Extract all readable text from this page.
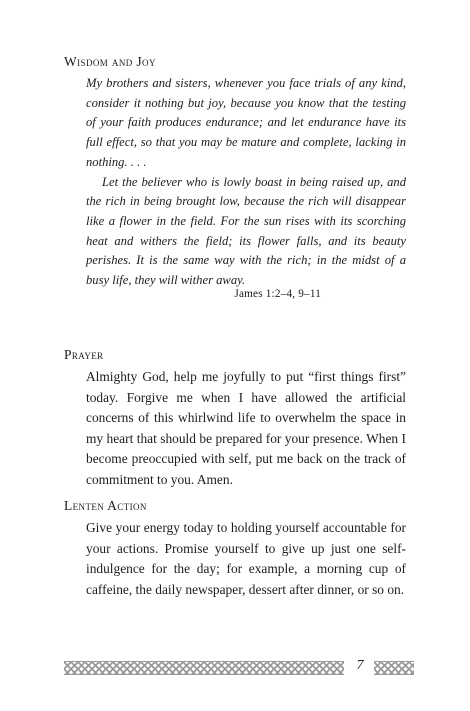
Wisdom and Joy

My brothers and sisters, whenever you face trials of any kind, consider it nothing but joy, because you know that the testing of your faith produces endurance; and let endurance have its full effect, so that you may be mature and complete, lacking in nothing. . . .

Let the believer who is lowly boast in being raised up, and the rich in being brought low, because the rich will disappear like a flower in the field. For the sun rises with its scorching heat and withers the field; its flower falls, and its beauty perishes. It is the same way with the rich; in the midst of a busy life, they will wither away.

James 1:2–4, 9–11
Prayer

Almighty God, help me joyfully to put “first things first” today. Forgive me when I have allowed the artificial concerns of this whirlwind life to overwhelm the space in my heart that should be prepared for your presence. When I become preoccupied with self, put me back on the track of commitment to you. Amen.

Lenten Action

Give your energy today to holding yourself accountable for your actions. Promise yourself to give up just one self-indulgence for the day; for example, a morning cup of caffeine, the daily newspaper, dessert after dinner, or so on.

7
